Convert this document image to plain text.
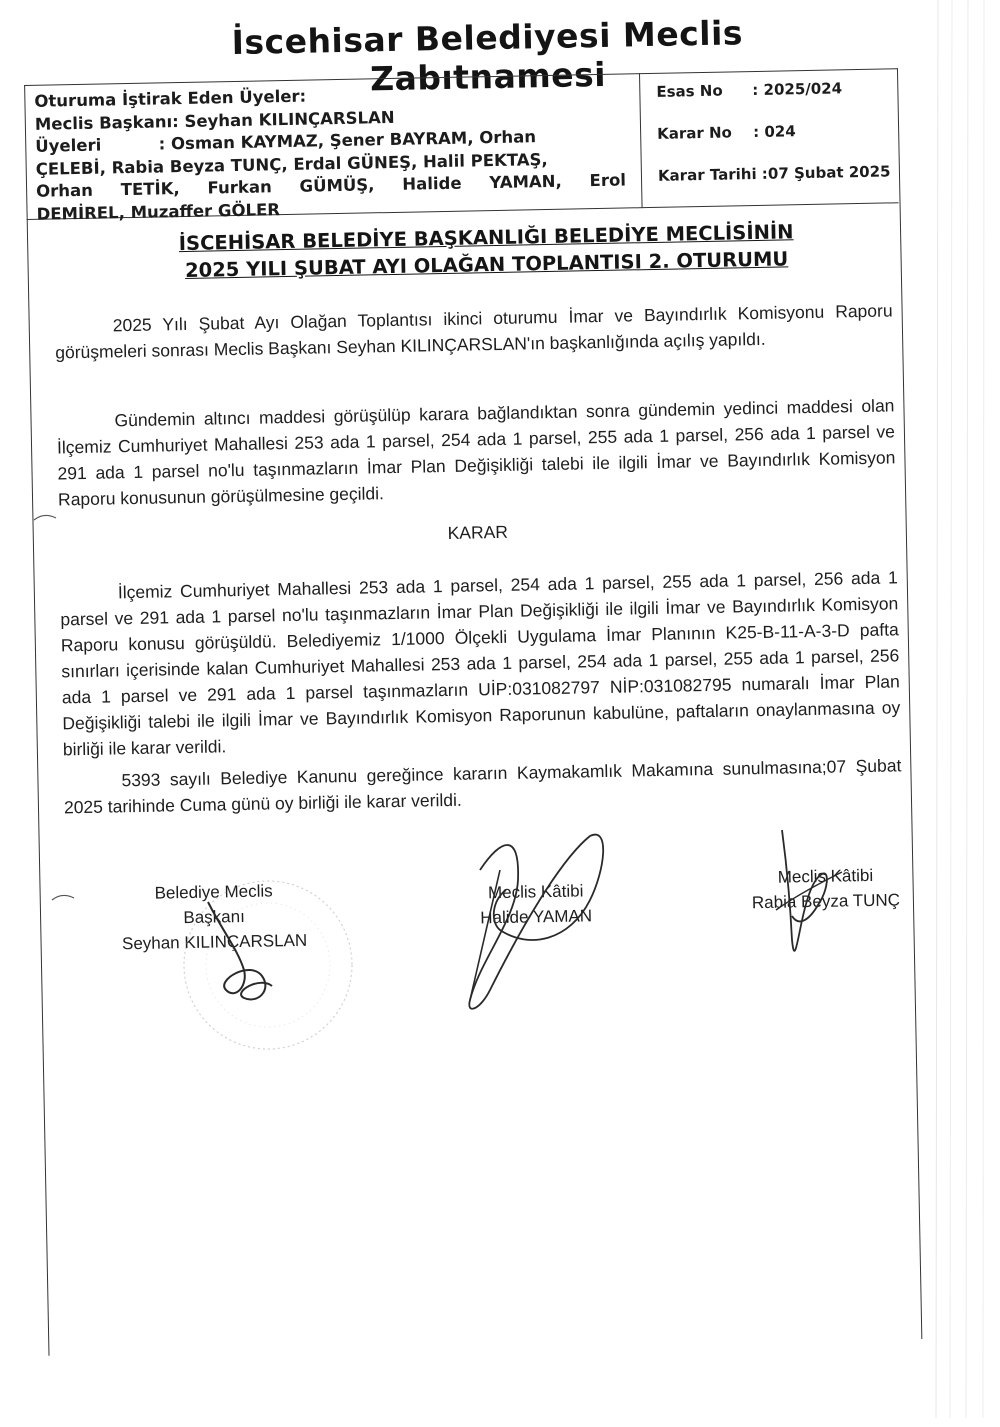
İscehisar Belediyesi Meclis Zabıtnamesi
Oturuma İştirak Eden Üyeler:
Meclis Başkanı: Seyhan KILINÇARSLAN
Üyeleri          : Osman KAYMAZ, Şener BAYRAM, Orhan
ÇELEBİ, Rabia Beyza TUNÇ, Erdal GÜNEŞ, Halil PEKTAŞ,
Orhan TETİK, Furkan GÜMÜŞ, Halide YAMAN, Erol
DEMİREL, Muzaffer GÖLER
Esas No : 2025/024
Karar No : 024
Karar Tarihi : 07 Şubat 2025
İSCEHİSAR BELEDİYE BAŞKANLIĞI BELEDİYE MECLİSİNİN
2025 YILI ŞUBAT AYI OLAĞAN TOPLANTISI 2. OTURUMU
2025 Yılı Şubat Ayı Olağan Toplantısı ikinci oturumu İmar ve Bayındırlık Komisyonu Raporu görüşmeleri sonrası Meclis Başkanı Seyhan KILINÇARSLAN'ın başkanlığında açılış yapıldı.
Gündemin altıncı maddesi görüşülüp karara bağlandıktan sonra gündemin yedinci maddesi olan İlçemiz Cumhuriyet Mahallesi 253 ada 1 parsel, 254 ada 1 parsel, 255 ada 1 parsel, 256 ada 1 parsel ve 291 ada 1 parsel no'lu taşınmazların İmar Plan Değişikliği talebi ile ilgili İmar ve Bayındırlık Komisyon Raporu konusunun görüşülmesine geçildi.
KARAR
İlçemiz Cumhuriyet Mahallesi 253 ada 1 parsel, 254 ada 1 parsel, 255 ada 1 parsel, 256 ada 1 parsel ve 291 ada 1 parsel no'lu taşınmazların İmar Plan Değişikliği ile ilgili İmar ve Bayındırlık Komisyon Raporu konusu görüşüldü. Belediyemiz 1/1000 Ölçekli Uygulama İmar Planının K25-B-11-A-3-D pafta sınırları içerisinde kalan Cumhuriyet Mahallesi 253 ada 1 parsel, 254 ada 1 parsel, 255 ada 1 parsel, 256 ada 1 parsel ve 291 ada 1 parsel taşınmazların UİP:031082797 NİP:031082795 numaralı İmar Plan Değişikliği talebi ile ilgili İmar ve Bayındırlık Komisyon Raporunun kabulüne, paftaların onaylanmasına oy birliği ile karar verildi.
5393 sayılı Belediye Kanunu gereğince kararın Kaymakamlık Makamına sunulmasına;07 Şubat 2025 tarihinde Cuma günü oy birliği ile karar verildi.
Belediye Meclis
Başkanı
Seyhan KILINÇARSLAN
Meclis Kâtibi
Halide YAMAN
Meclis Kâtibi
Rabia Beyza TUNÇ
